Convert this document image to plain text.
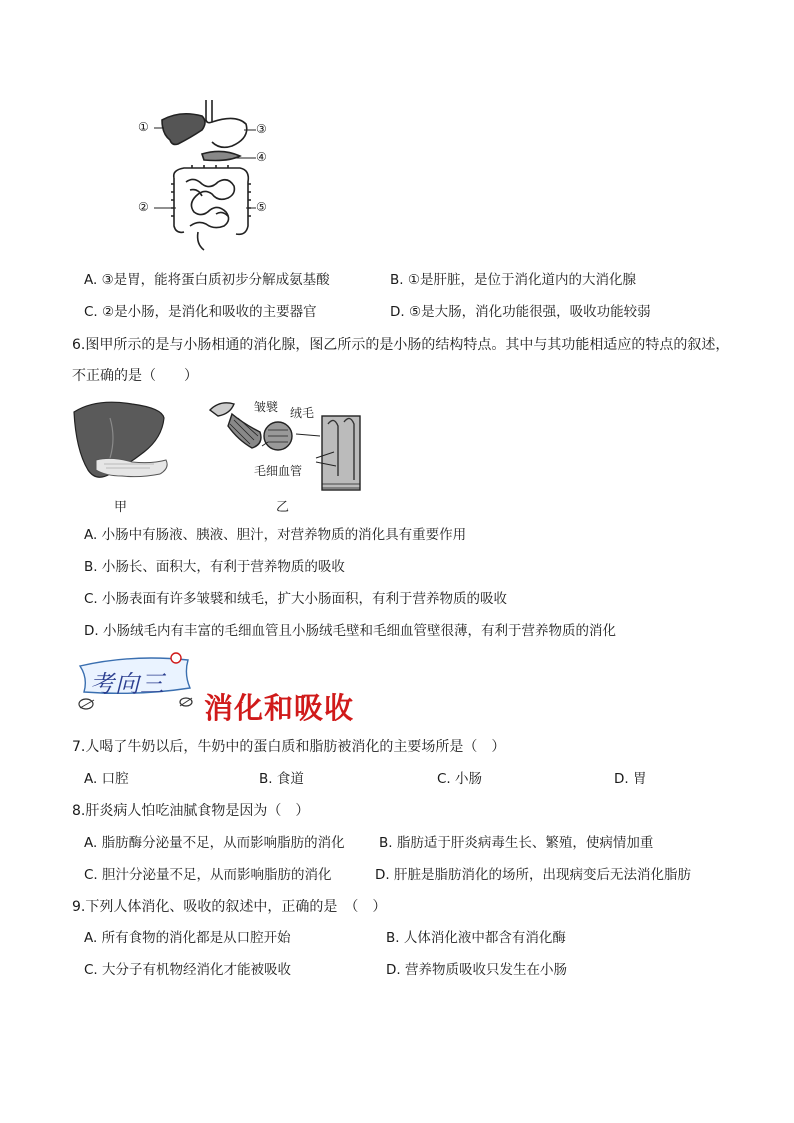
①
②
③
④
⑤
A. ③是胃，能将蛋白质初步分解成氨基酸	B. ①是肝脏，是位于消化道内的大消化腺
C. ②是小肠，是消化和吸收的主要器官	D. ⑤是大肠，消化功能很强，吸收功能较弱
6.图甲所示的是与小肠相通的消化腺，图乙所示的是小肠的结构特点。其中与其功能相适应的特点的叙述，
不正确的是（　　）
甲
皱襞 绒毛
毛细血管
乙
A. 小肠中有肠液、胰液、胆汁，对营养物质的消化具有重要作用
B. 小肠长、面积大，有利于营养物质的吸收
C. 小肠表面有许多皱襞和绒毛，扩大小肠面积，有利于营养物质的吸收
D. 小肠绒毛内有丰富的毛细血管且小肠绒毛壁和毛细血管壁很薄，有利于营养物质的消化
考向三
消化和吸收
7.人喝了牛奶以后，牛奶中的蛋白质和脂肪被消化的主要场所是（　）
A. 口腔	B. 食道	C. 小肠	D. 胃
8.肝炎病人怕吃油腻食物是因为（　）
A. 脂肪酶分泌量不足，从而影响脂肪的消化	B. 脂肪适于肝炎病毒生长、繁殖，使病情加重
C. 胆汁分泌量不足，从而影响脂肪的消化	D. 肝脏是脂肪消化的场所，出现病变后无法消化脂肪
9.下列人体消化、吸收的叙述中，正确的是　（　）
A. 所有食物的消化都是从口腔开始	B. 人体消化液中都含有消化酶
C. 大分子有机物经消化才能被吸收	D. 营养物质吸收只发生在小肠
